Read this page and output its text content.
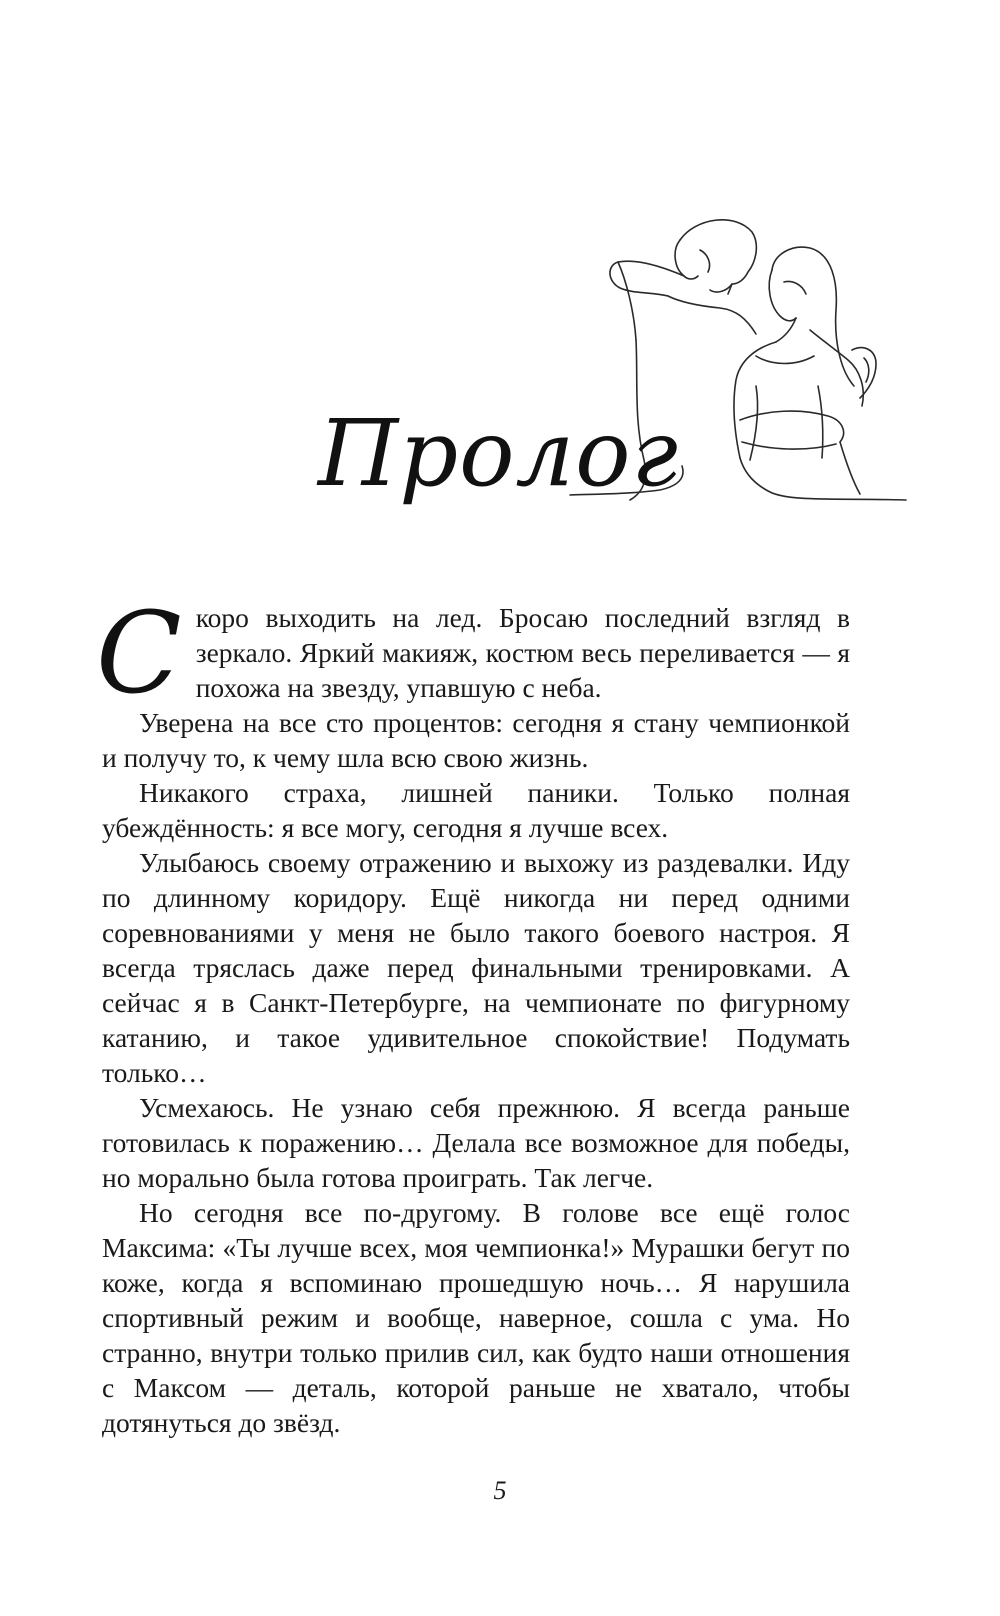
Пролог

Скоро выходить на лед. Бросаю последний взгляд в зеркало. Яркий макияж, костюм весь переливается — я похожа на звезду, упавшую с неба.

Уверена на все сто процентов: сегодня я стану чемпионкой и получу то, к чему шла всю свою жизнь.

Никакого страха, лишней паники. Только полная убеждённость: я все могу, сегодня я лучше всех.

Улыбаюсь своему отражению и выхожу из раздевалки. Иду по длинному коридору. Ещё никогда ни перед одними соревнованиями у меня не было такого боевого настроя. Я всегда тряслась даже перед финальными тренировками. А сейчас я в Санкт-Петербурге, на чемпионате по фигурному катанию, и такое удивительное спокойствие! Подумать только…

Усмехаюсь. Не узнаю себя прежнюю. Я всегда раньше готовилась к поражению… Делала все возможное для победы, но морально была готова проиграть. Так легче.

Но сегодня все по-другому. В голове все ещё голос Максима: «Ты лучше всех, моя чемпионка!» Мурашки бегут по коже, когда я вспоминаю прошедшую ночь… Я нарушила спортивный режим и вообще, наверное, сошла с ума. Но странно, внутри только прилив сил, как будто наши отношения с Максом — деталь, которой раньше не хватало, чтобы дотянуться до звёзд.

5
